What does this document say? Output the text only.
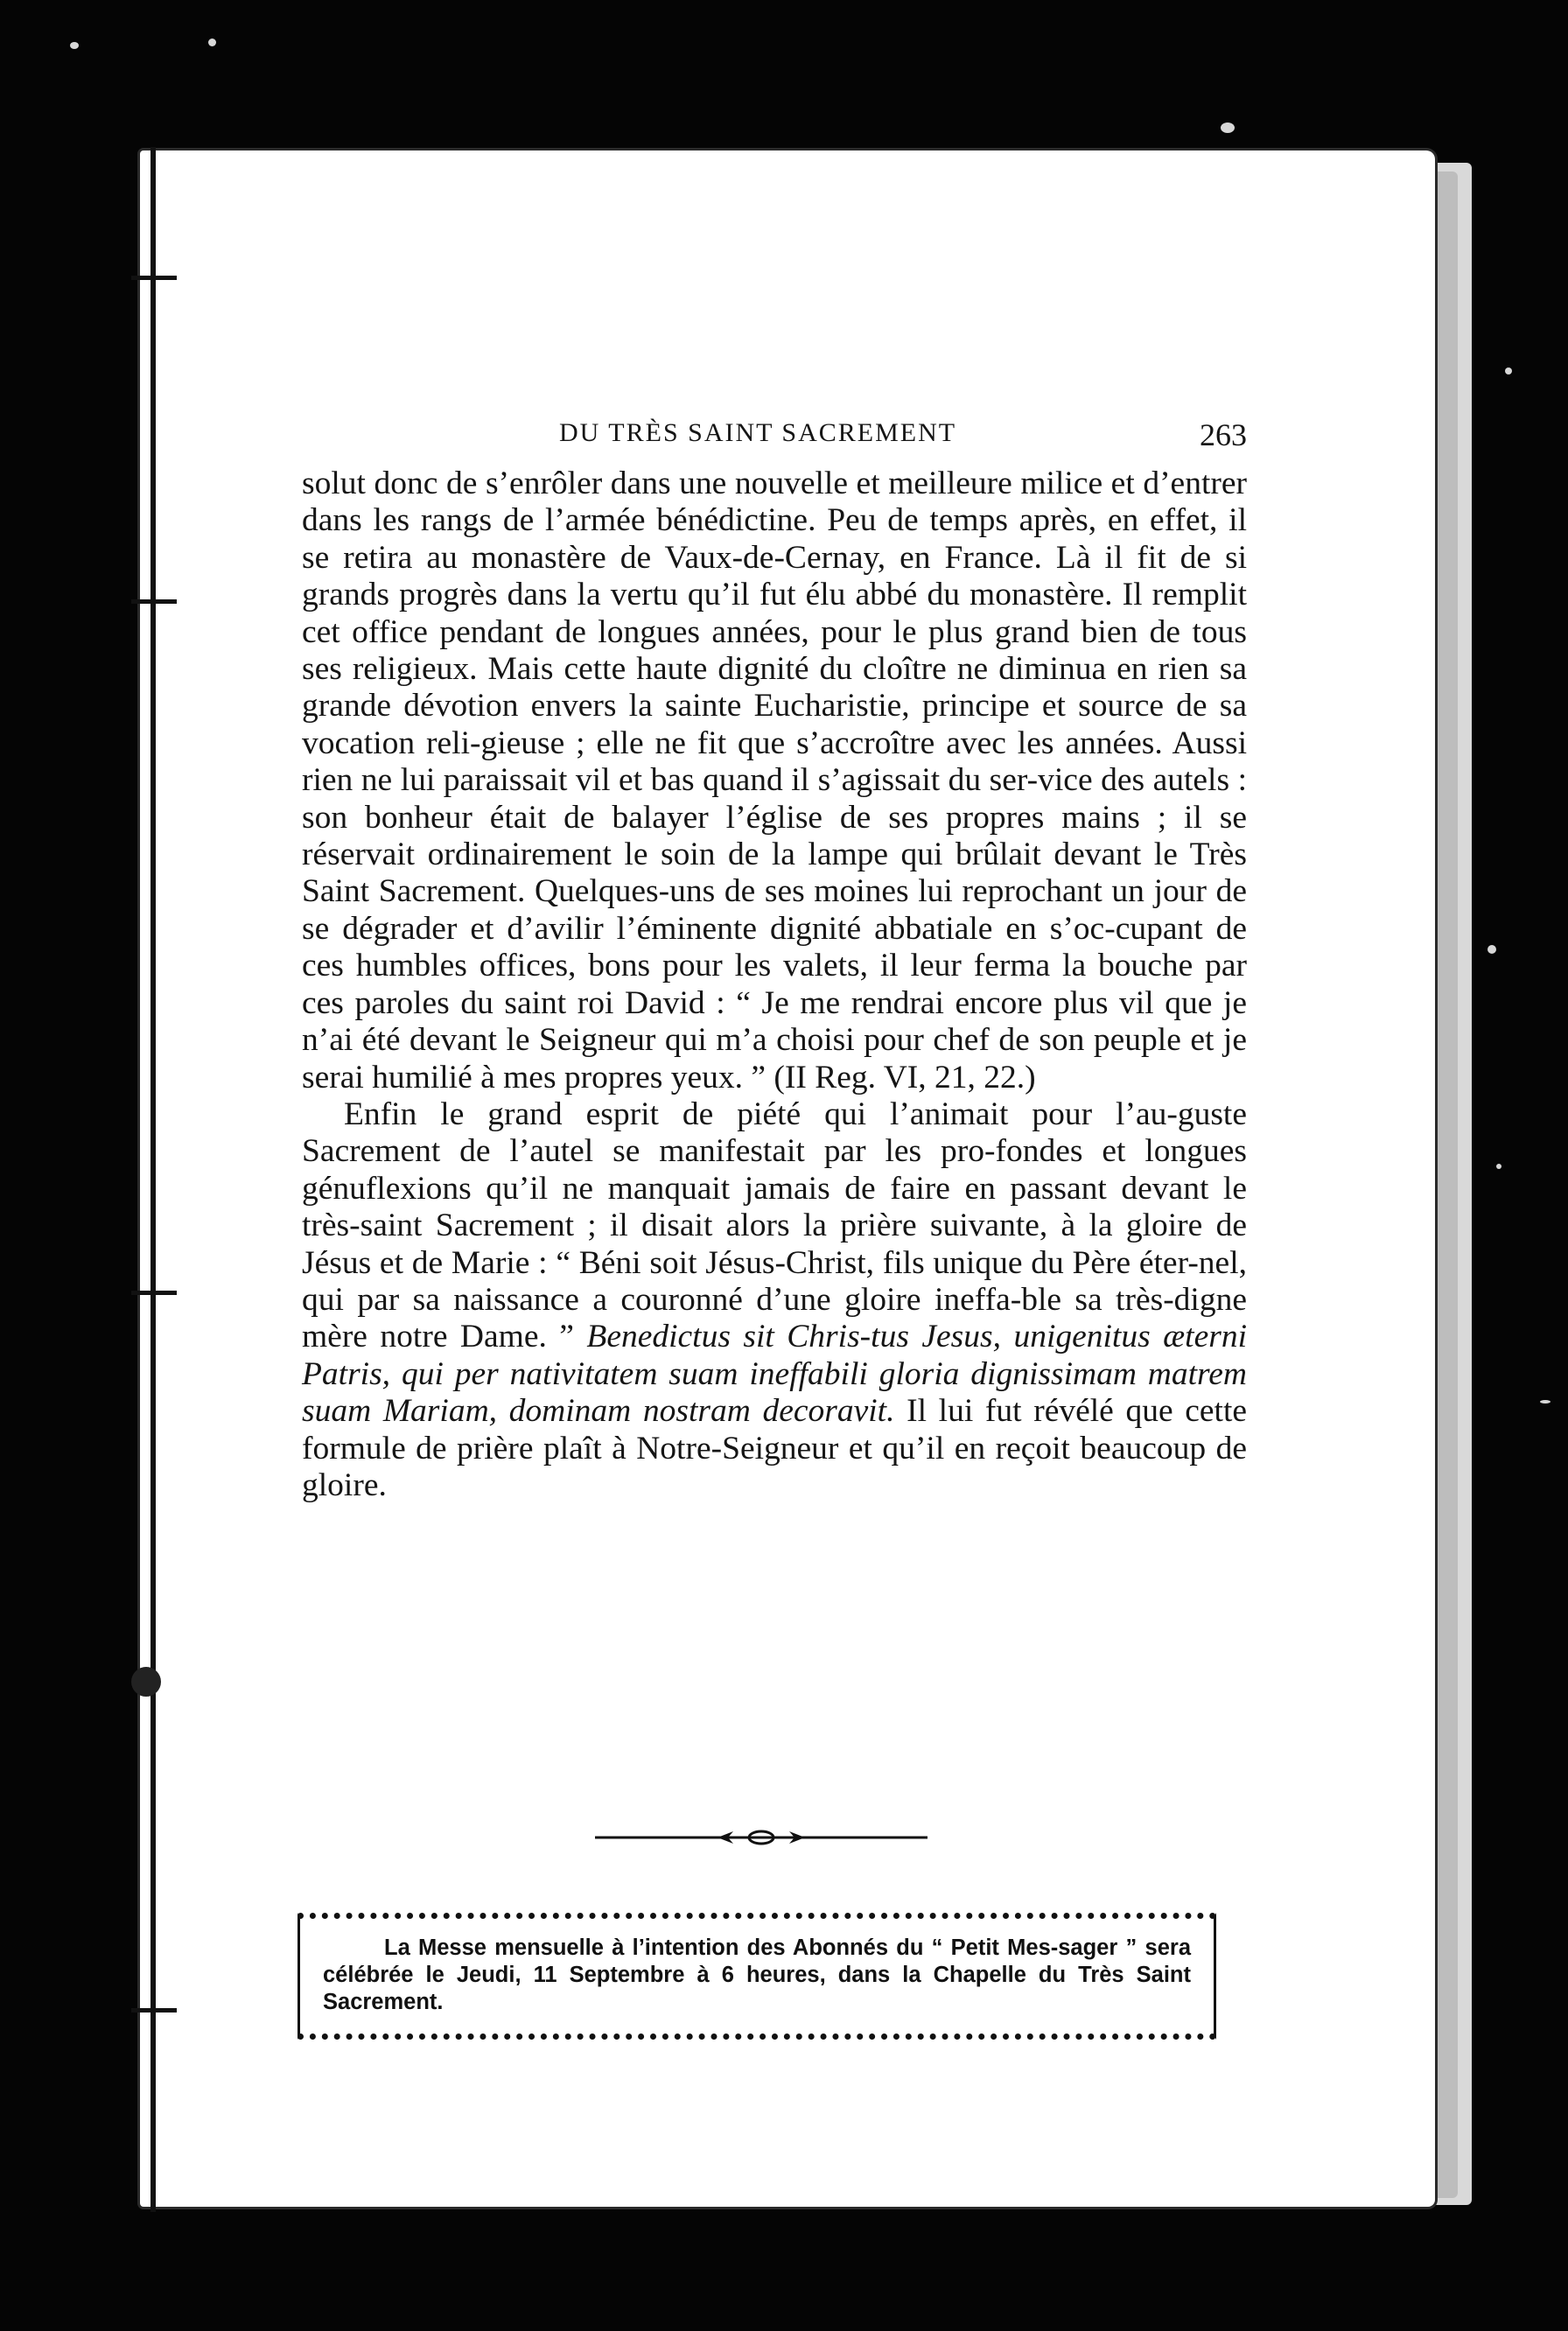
DU TRÈS SAINT SACREMENT	263

solut donc de s’enrôler dans une nouvelle et meilleure milice et d’entrer dans les rangs de l’armée bénédictine. Peu de temps après, en effet, il se retira au monastère de Vaux-de-Cernay, en France. Là il fit de si grands progrès dans la vertu qu’il fut élu abbé du monastère. Il remplit cet office pendant de longues années, pour le plus grand bien de tous ses religieux. Mais cette haute dignité du cloître ne diminua en rien sa grande dévotion envers la sainte Eucharistie, principe et source de sa vocation reli-gieuse ; elle ne fit que s’accroître avec les années. Aussi rien ne lui paraissait vil et bas quand il s’agissait du ser-vice des autels : son bonheur était de balayer l’église de ses propres mains ; il se réservait ordinairement le soin de la lampe qui brûlait devant le Très Saint Sacrement. Quelques-uns de ses moines lui reprochant un jour de se dégrader et d’avilir l’éminente dignité abbatiale en s’oc-cupant de ces humbles offices, bons pour les valets, il leur ferma la bouche par ces paroles du saint roi David : “ Je me rendrai encore plus vil que je n’ai été devant le Seigneur qui m’a choisi pour chef de son peuple et je serai humilié à mes propres yeux. ” (II Reg. VI, 21, 22.)

Enfin le grand esprit de piété qui l’animait pour l’au-guste Sacrement de l’autel se manifestait par les pro-fondes et longues génuflexions qu’il ne manquait jamais de faire en passant devant le très-saint Sacrement ; il disait alors la prière suivante, à la gloire de Jésus et de Marie : “ Béni soit Jésus-Christ, fils unique du Père éter-nel, qui par sa naissance a couronné d’une gloire ineffa-ble sa très-digne mère notre Dame. ” Benedictus sit Chris-tus Jesus, unigenitus æterni Patris, qui per nativitatem suam ineffabili gloria dignissimam matrem suam Mariam, dominam nostram decoravit. Il lui fut révélé que cette formule de prière plaît à Notre-Seigneur et qu’il en reçoit beaucoup de gloire.

La Messe mensuelle à l’intention des Abonnés du “ Petit Mes-sager ” sera célébrée le Jeudi, 11 Septembre à 6 heures, dans la Chapelle du Très Saint Sacrement.
